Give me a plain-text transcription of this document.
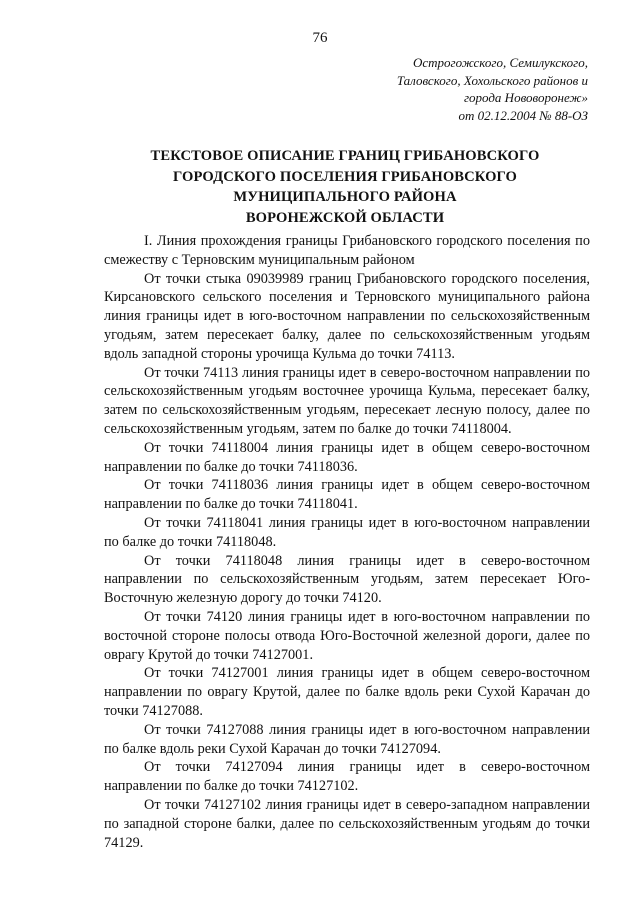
76
Острогожского, Семилукского,
Таловского, Хохольского районов и
города Нововоронеж»
от 02.12.2004 № 88-ОЗ
ТЕКСТОВОЕ ОПИСАНИЕ ГРАНИЦ ГРИБАНОВСКОГО
ГОРОДСКОГО ПОСЕЛЕНИЯ ГРИБАНОВСКОГО
МУНИЦИПАЛЬНОГО РАЙОНА
ВОРОНЕЖСКОЙ ОБЛАСТИ

I. Линия прохождения границы Грибановского городского поселения по смежеству с Терновским муниципальным районом

От точки стыка 09039989 границ Грибановского городского поселения, Кирсановского сельского поселения и Терновского муниципального района линия границы идет в юго-восточном направлении по сельскохозяйственным угодьям, затем пересекает балку, далее по сельскохозяйственным угодьям вдоль западной стороны урочища Кульма до точки 74113.

От точки 74113 линия границы идет в северо-восточном направлении по сельскохозяйственным угодьям восточнее урочища Кульма, пересекает балку, затем по сельскохозяйственным угодьям, пересекает лесную полосу, далее по сельскохозяйственным угодьям, затем по балке до точки 74118004.

От точки 74118004 линия границы идет в общем северо-восточном направлении по балке до точки 74118036.

От точки 74118036 линия границы идет в общем северо-восточном направлении по балке до точки 74118041.

От точки 74118041 линия границы идет в юго-восточном направлении по балке до точки 74118048.

От точки 74118048 линия границы идет в северо-восточном направлении по сельскохозяйственным угодьям, затем пересекает Юго-Восточную железную дорогу до точки 74120.

От точки 74120 линия границы идет в юго-восточном направлении по восточной стороне полосы отвода Юго-Восточной железной дороги, далее по оврагу Крутой до точки 74127001.

От точки 74127001 линия границы идет в общем северо-восточном направлении по оврагу Крутой, далее по балке вдоль реки Сухой Карачан до точки 74127088.

От точки 74127088 линия границы идет в юго-восточном направлении по балке вдоль реки Сухой Карачан до точки 74127094.

От точки 74127094 линия границы идет в северо-восточном направлении по балке до точки 74127102.

От точки 74127102 линия границы идет в северо-западном направлении по западной стороне балки, далее по сельскохозяйственным угодьям до точки 74129.
